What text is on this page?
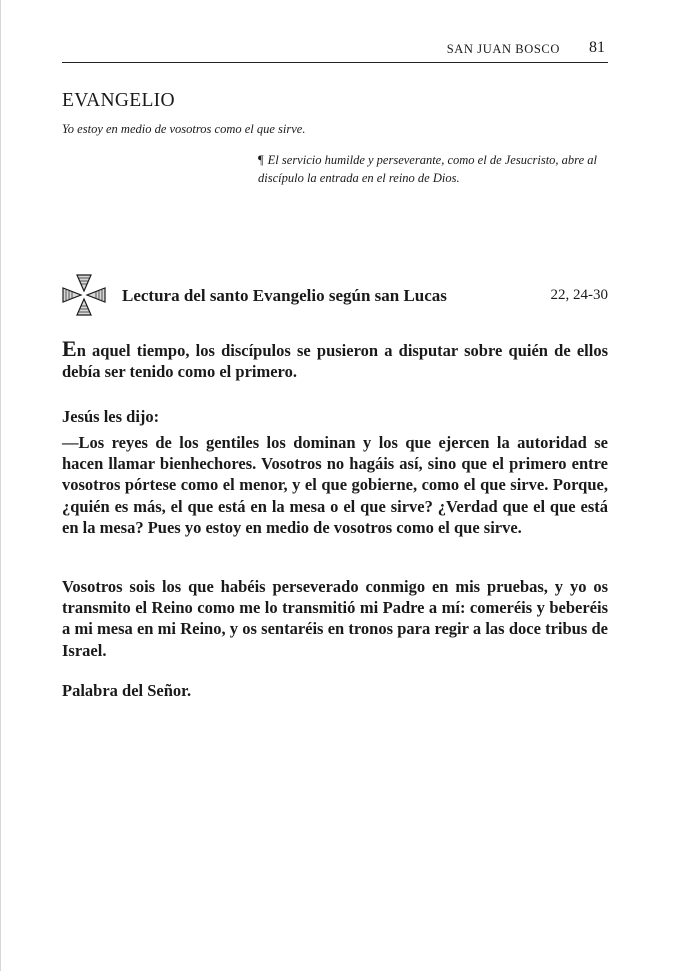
SAN JUAN BOSCO 81
EVANGELIO
Yo estoy en medio de vosotros como el que sirve.
¶ El servicio humilde y perseverante, como el de Jesucristo, abre al discípulo la entrada en el reino de Dios.
Lectura del santo Evangelio según san Lucas	22, 24-30

En aquel tiempo, los discípulos se pusieron a disputar sobre quién de ellos debía ser tenido como el primero.

Jesús les dijo:

—Los reyes de los gentiles los dominan y los que ejercen la autoridad se hacen llamar bienhechores. Vosotros no hagáis así, sino que el primero entre vosotros pórtese como el menor, y el que gobierne, como el que sirve. Porque, ¿quién es más, el que está en la mesa o el que sirve? ¿Verdad que el que está en la mesa? Pues yo estoy en medio de vosotros como el que sirve.

Vosotros sois los que habéis perseverado conmigo en mis pruebas, y yo os transmito el Reino como me lo transmitió mi Padre a mí: comeréis y beberéis a mi mesa en mi Reino, y os sentaréis en tronos para regir a las doce tribus de Israel.

Palabra del Señor.
